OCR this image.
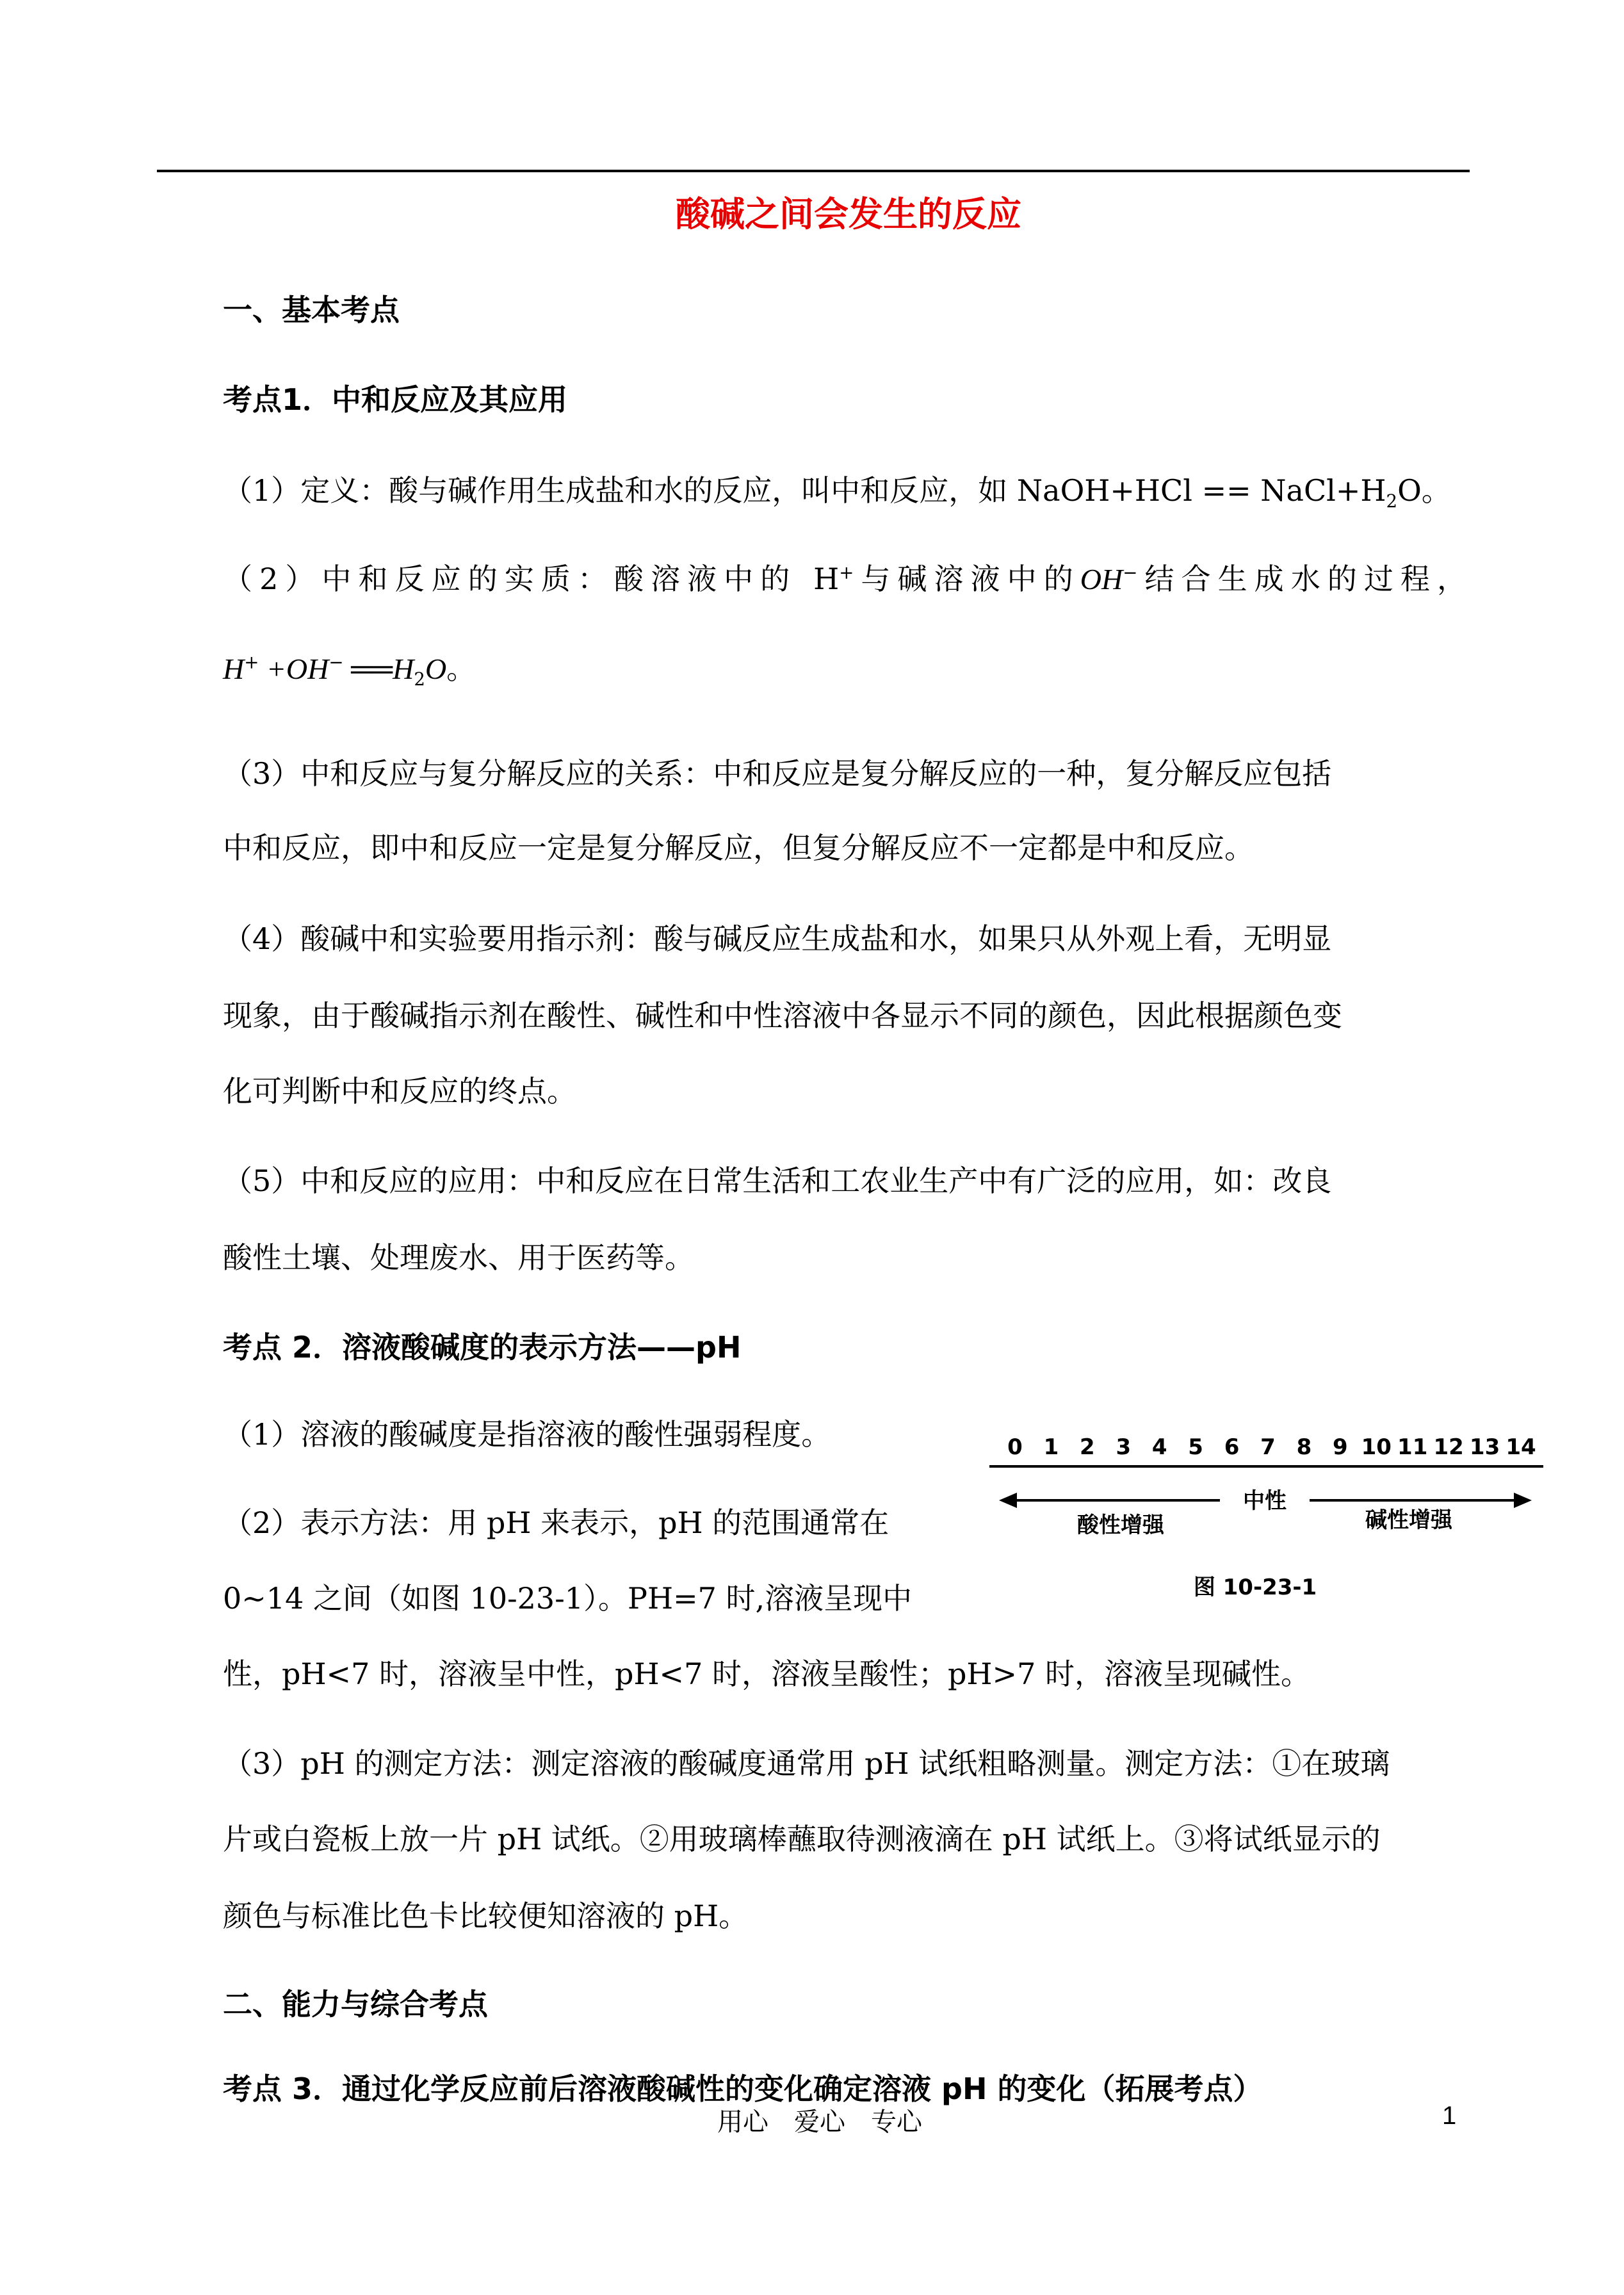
酸碱之间会发生的反应
一、基本考点
考点1．中和反应及其应用
（1）定义：酸与碱作用生成盐和水的反应，叫中和反应，如 NaOH+HCl == $NaCl+H_2O$。
（2）中和反应的实质：酸溶液中的 H+与碱溶液中的OH−结合生成水的过程，
H+ +OH− $══H_2O$。
（3）中和反应与复分解反应的关系：中和反应是复分解反应的一种，复分解反应包括
中和反应，即中和反应一定是复分解反应，但复分解反应不一定都是中和反应。
（4）酸碱中和实验要用指示剂：酸与碱反应生成盐和水，如果只从外观上看，无明显
现象，由于酸碱指示剂在酸性、碱性和中性溶液中各显示不同的颜色，因此根据颜色变
化可判断中和反应的终点。
（5）中和反应的应用：中和反应在日常生活和工农业生产中有广泛的应用，如：改良
酸性土壤、处理废水、用于医药等。
考点 2．溶液酸碱度的表示方法——pH
（1）溶液的酸碱度是指溶液的酸性强弱程度。
（2）表示方法：用 pH 来表示，pH 的范围通常在
0~14 之间（如图 10-23-1）。PH=7 时,溶液呈现中
性，pH<7 时，溶液呈中性，pH<7 时，溶液呈酸性；pH>7 时，溶液呈现碱性。
（3）pH 的测定方法：测定溶液的酸碱度通常用 pH 试纸粗略测量。测定方法：①在玻璃
片或白瓷板上放一片 pH 试纸。②用玻璃棒蘸取待测液滴在 pH 试纸上。③将试纸显示的
颜色与标准比色卡比较便知溶液的 pH。
二、能力与综合考点
考点 3．通过化学反应前后溶液酸碱性的变化确定溶液 pH 的变化（拓展考点）
0 1 2 3 4 5 6 7 8 9 10 11 12 13 14
中性
酸性增强	碱性增强
图 10-23-1
用心　爱心　专心	1
